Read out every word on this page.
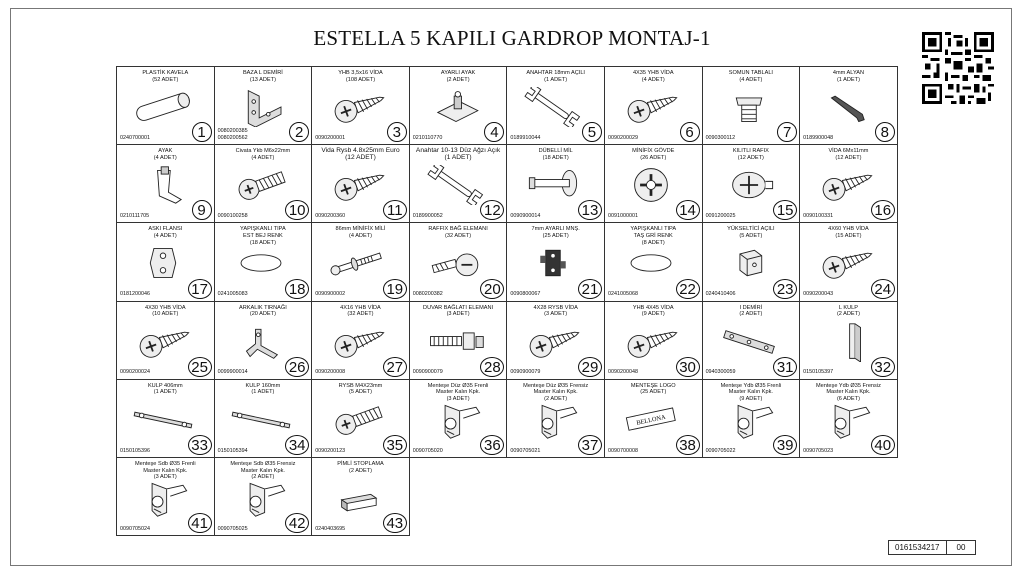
ESTELLA 5 KAPILI GARDROP MONTAJ-1
PLASTİK KAVELA
(52 ADET)
0240700001	1
BAZA L DEMİRİ
(13 ADET)
0080200385
0080200562	2
YHB 3,5x16 VİDA
(108 ADET)
0090200001	3
AYARLI AYAK
(2 ADET)
0210110770	4
ANAHTAR 18mm AÇILI
(1 ADET)
0189910044	5
4X35 YHB VİDA
(4 ADET)
0090200029	6
SOMUN TABLALI
(4 ADET)
0090300112	7
4mm ALYAN
(1 ADET)
0189900048	8
AYAK
(4 ADET)
0210111705	9
Civata Ykb M6x22mm
(4 ADET)
0090100258	10
Vida Rysb 4.8x25mm Euro
(12 ADET)
0090200360	11
Anahtar 10-13 Düz Ağzı Açık
(1 ADET)
0189900052	12
DÜBELLİ MİL
(18 ADET)
0090900014	13
MİNİFİX GÖVDE
(26 ADET)
0091000001	14
KILITLI RAFIX
(12 ADET)
0091200025	15
VİDA 6Mx11mm
(12 ADET)
0090100331	16
ASKI FLANSI
(4 ADET)
0181200046	17
YAPIŞKANLI TIPA
EST BEJ RENK
(18 ADET)
0241005083	18
86mm MİNİFİX MİLİ
(4 ADET)
0090900002	19
RAFFIX BAĞ ELEMANI
(32 ADET)
0080200382	20
7mm AYARLI MNŞ.
(25 ADET)
0090800067	21
YAPIŞKANLI TIPA
TAŞ GRİ RENK
(8 ADET)
0241005068	22
YÜKSELTİCİ AÇILI
(5 ADET)
0240410406	23
4X60 YHB VİDA
(15 ADET)
0090200043	24
4X30 YHB VİDA
(10 ADET)
0090200024	25
ARKALIK TIRNAĞI
(20 ADET)
0099900014	26
4X16 YHB VİDA
(32 ADET)
0090200008	27
DUVAR BAĞLATI ELEMANI
(3 ADET)
0090900079	28
4X28 RYSB VİDA
(3 ADET)
0090900079	29
YHB 4X45 VİDA
(9 ADET)
0090200048	30
I DEMİRİ
(2 ADET)
0940300059	31
L KULP
(2 ADET)
0150105397	32
KULP 406mm
(1 ADET)
0150105396	33
KULP 160mm
(1 ADET)
0150105394	34
RYSB M4X23mm
(5 ADET)
0090200123	35
Menteşe Düz Ø35 Frenli
Master Kalın Kpk.
(3 ADET)
0090705020	36
Menteşe Düz Ø35 Frensiz
Master Kalın Kpk.
(2 ADET)
0090705021	37
MENTEŞE LOGO
(25 ADET)
BELLONA
0090700008	38
Menteşe Ydb Ø35 Frenli
Master Kalın Kpk.
(9 ADET)
0090705022	39
Menteşe Ydb Ø35 Frensiz
Master Kalın Kpk.
(6 ADET)
0090705023	40
Menteşe Sdb Ø35 Frenli
Master Kalın Kpk.
(3 ADET)
0090705024	41
Menteşe Sdb Ø35 Frensiz
Master Kalın Kpk.
(2 ADET)
0090705025	42
PİMLİ STOPLAMA
(2 ADET)
0240403695	43
0161534217	00
